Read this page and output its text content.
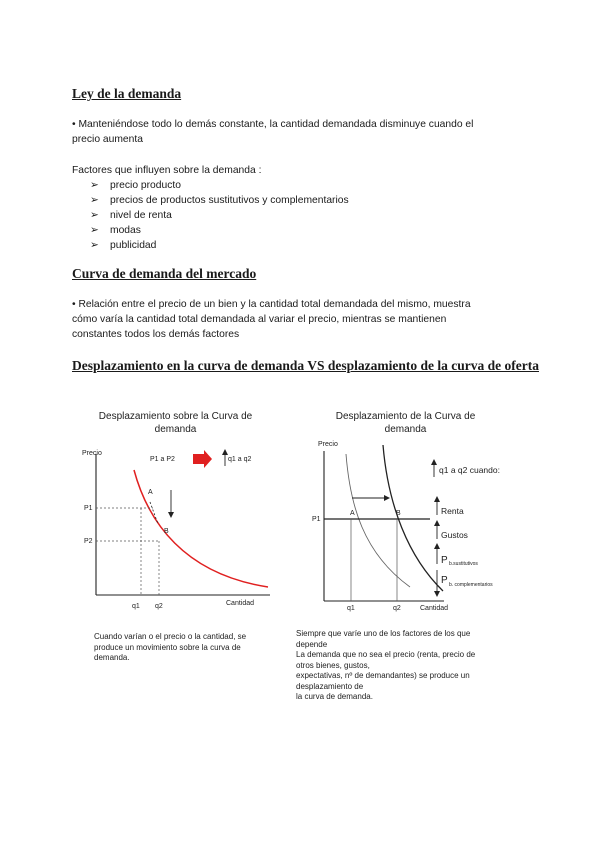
Ley de la demanda

• Manteniéndose todo lo demás constante, la cantidad demandada disminuye cuando el
precio aumenta

Factores que influyen sobre la demanda :

➢	precio producto
➢	precios de productos sustitutivos y complementarios
➢	nivel de renta
➢	modas
➢	publicidad
Curva de demanda del mercado

• Relación entre el precio de un bien y la cantidad total demandada del mismo, muestra
cómo varía la cantidad total demandada al variar el precio, mientras se mantienen
constantes todos los demás factores

Desplazamiento en la curva de demanda VS desplazamiento de la curva de oferta

Desplazamiento sobre la Curva de
demanda

Precio
Cantidad
P1
P2
q1 q2
A
B
P1 a P2	q1 a q2

Cuando varían o el precio o la cantidad, se
produce un movimiento sobre la curva de
demanda.

Desplazamiento de la Curva de
demanda

Precio
Cantidad
P1
q1	q2
A	B
q1 a q2 cuando:
Renta
Gustos
P b.sustitutivos
P b. complementarios

Siempre que varíe uno de los factores de los que
depende
La demanda que no sea el precio (renta, precio de
otros bienes, gustos,
expectativas, nº de demandantes) se produce un
desplazamiento de
la curva de demanda.
